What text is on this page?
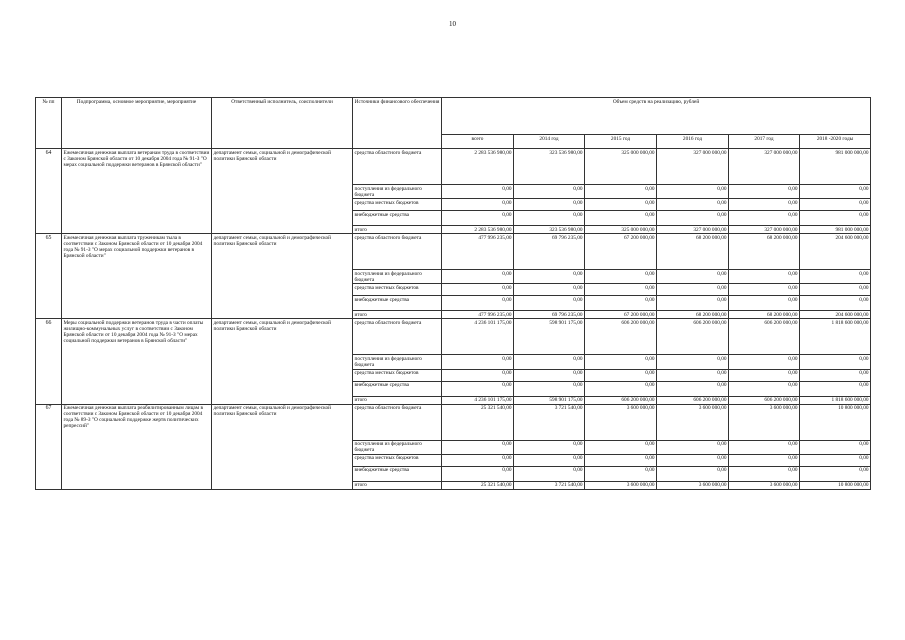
10
№ пп	Подпрограмма, основное мероприятие, мероприятие	Ответственный исполнитель, соисполнители	Источники финансового обеспечения	Объем средств на реализацию, рублей					
				всего	2014 год	2015 год	2016 год	2017 год	2018 -2020 годы
64	Ежемесячная денежная выплата ветеранам труда в соответствии с Законом Брянской области от 10 декабря 2004 года № 91-З "О мерах социальной поддержки ветеранов в Брянской области"	департамент семьи, социальной и демографической политики Брянской области	средства областного бюджета	2 283 536 980,00	323 536 980,00	325 000 000,00	327 000 000,00	327 000 000,00	981 000 000,00
			поступления из федерального бюджета	0,00	0,00	0,00	0,00	0,00	0,00
			средства местных бюджетов	0,00	0,00	0,00	0,00	0,00	0,00
			внебюджетные средства	0,00	0,00	0,00	0,00	0,00	0,00
			итого	2 283 536 980,00	323 536 980,00	325 000 000,00	327 000 000,00	327 000 000,00	981 000 000,00
65	Ежемесячная денежная выплата труженикам тыла в соответствии с Законом Брянской области от 10 декабря 2004 года № 91-З "О мерах социальной поддержки ветеранов в Брянской области"	департамент семьи, социальной и демографической политики Брянской области	средства областного бюджета	477 996 235,00	69 796 235,00	67 200 000,00	68 200 000,00	68 200 000,00	204 600 000,00
			поступления из федерального бюджета	0,00	0,00	0,00	0,00	0,00	0,00
			средства местных бюджетов	0,00	0,00	0,00	0,00	0,00	0,00
			внебюджетные средства	0,00	0,00	0,00	0,00	0,00	0,00
			итого	477 996 235,00	69 796 235,00	67 200 000,00	68 200 000,00	68 200 000,00	204 600 000,00
66	Меры социальной поддержки ветеранов труда в части оплаты жилищно-коммунальных услуг в соответствии с Законом Брянской области от 10 декабря 2004 года № 91-З "О мерах социальной поддержки ветеранов в Брянской области"	департамент семьи, социальной и демографической политики Брянской области	средства областного бюджета	4 236 101 175,00	598 901 175,00	606 200 000,00	606 200 000,00	606 200 000,00	1 818 600 000,00
			поступления из федерального бюджета	0,00	0,00	0,00	0,00	0,00	0,00
			средства местных бюджетов	0,00	0,00	0,00	0,00	0,00	0,00
			внебюджетные средства	0,00	0,00	0,00	0,00	0,00	0,00
			итого	4 236 101 175,00	598 901 175,00	606 200 000,00	606 200 000,00	606 200 000,00	1 818 600 000,00
67	Ежемесячная денежная выплата реабилитированным лицам в соответствии с Законом Брянской области от 10 декабря 2004 года № 89-З "О социальной поддержке жертв политических репрессий"	департамент семьи, социальной и демографической политики Брянской области	средства областного бюджета	25 321 540,00	3 721 540,00	3 600 000,00	3 600 000,00	3 600 000,00	10 800 000,00
			поступления из федерального бюджета	0,00	0,00	0,00	0,00	0,00	0,00
			средства местных бюджетов	0,00	0,00	0,00	0,00	0,00	0,00
			внебюджетные средства	0,00	0,00	0,00	0,00	0,00	0,00
			итого	25 321 540,00	3 721 540,00	3 600 000,00	3 600 000,00	3 600 000,00	10 800 000,00
